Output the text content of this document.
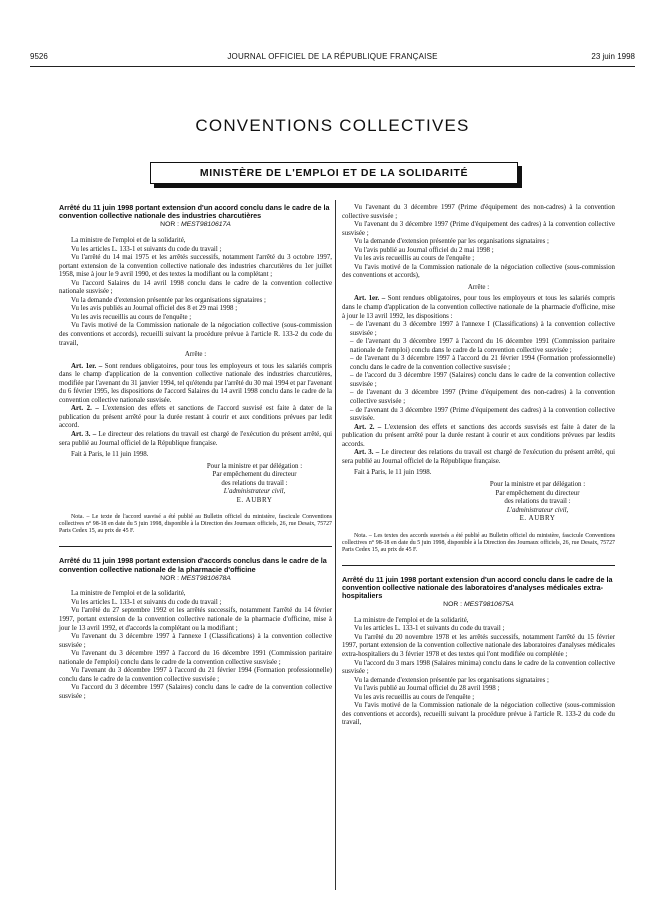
9526	JOURNAL OFFICIEL DE LA RÉPUBLIQUE FRANÇAISE	23 juin 1998
CONVENTIONS COLLECTIVES
MINISTÈRE DE L'EMPLOI ET DE LA SOLIDARITÉ
Arrêté du 11 juin 1998 portant extension d'un accord conclu dans le cadre de la convention collective nationale des industries charcutières
NOR : MEST9810617A

La ministre de l'emploi et de la solidarité,

Vu les articles L. 133-1 et suivants du code du travail ;

Vu l'arrêté du 14 mai 1975 et les arrêtés successifs, notamment l'arrêté du 3 octobre 1997, portant extension de la convention collective nationale des industries charcutières du 1er juillet 1958, mise à jour le 9 avril 1990, et des textes la modifiant ou la complétant ;

Vu l'accord Salaires du 14 avril 1998 conclu dans le cadre de la convention collective nationale susvisée ;

Vu la demande d'extension présentée par les organisations signataires ;

Vu les avis publiés au Journal officiel des 8 et 29 mai 1998 ;

Vu les avis recueillis au cours de l'enquête ;

Vu l'avis motivé de la Commission nationale de la négociation collective (sous-commission des conventions et accords), recueilli suivant la procédure prévue à l'article R. 133-2 du code du travail,

Arrête :

Art. 1er. – Sont rendues obligatoires, pour tous les employeurs et tous les salariés compris dans le champ d'application de la convention collective nationale des industries charcutières, modifiée par l'avenant du 31 janvier 1994, tel qu'étendu par l'arrêté du 30 mai 1994 et par l'avenant du 6 février 1995, les dispositions de l'accord Salaires du 14 avril 1998 conclu dans le cadre de la convention collective nationale susvisée.

Art. 2. – L'extension des effets et sanctions de l'accord susvisé est faite à dater de la publication du présent arrêté pour la durée restant à courir et aux conditions prévues par ledit accord.

Art. 3. – Le directeur des relations du travail est chargé de l'exécution du présent arrêté, qui sera publié au Journal officiel de la République française.

Fait à Paris, le 11 juin 1998.

Pour la ministre et par délégation :

Par empêchement du directeur

des relations du travail :

L'administrateur civil,

E. AUBRY

Nota. – Le texte de l'accord susvisé a été publié au Bulletin officiel du ministère, fascicule Conventions collectives n° 98-18 en date du 5 juin 1998, disponible à la Direction des Journaux officiels, 26, rue Desaix, 75727 Paris Cedex 15, au prix de 45 F.

Arrêté du 11 juin 1998 portant extension d'accords conclus dans le cadre de la convention collective nationale de la pharmacie d'officine
NOR : MEST9810678A

La ministre de l'emploi et de la solidarité,

Vu les articles L. 133-1 et suivants du code du travail ;

Vu l'arrêté du 27 septembre 1992 et les arrêtés successifs, notamment l'arrêté du 14 février 1997, portant extension de la convention collective nationale de la pharmacie d'officine, mise à jour le 13 avril 1992, et d'accords la complétant ou la modifiant ;

Vu l'avenant du 3 décembre 1997 à l'annexe I (Classifications) à la convention collective susvisée ;

Vu l'avenant du 3 décembre 1997 à l'accord du 16 décembre 1991 (Commission paritaire nationale de l'emploi) conclu dans le cadre de la convention collective susvisée ;

Vu l'avenant du 3 décembre 1997 à l'accord du 21 février 1994 (Formation professionnelle) conclu dans le cadre de la convention collective susvisée ;

Vu l'accord du 3 décembre 1997 (Salaires) conclu dans le cadre de la convention collective susvisée ;

Vu l'avenant du 3 décembre 1997 (Prime d'équipement des non-cadres) à la convention collective susvisée ;

Vu l'avenant du 3 décembre 1997 (Prime d'équipement des cadres) à la convention collective susvisée ;

Vu la demande d'extension présentée par les organisations signataires ;

Vu l'avis publié au Journal officiel du 2 mai 1998 ;

Vu les avis recueillis au cours de l'enquête ;

Vu l'avis motivé de la Commission nationale de la négociation collective (sous-commission des conventions et accords),

Arrête :

Art. 1er. – Sont rendues obligatoires, pour tous les employeurs et tous les salariés compris dans le champ d'application de la convention collective nationale de la pharmacie d'officine, mise à jour le 13 avril 1992, les dispositions :

– de l'avenant du 3 décembre 1997 à l'annexe I (Classifications) à la convention collective susvisée ;

– de l'avenant du 3 décembre 1997 à l'accord du 16 décembre 1991 (Commission paritaire nationale de l'emploi) conclu dans le cadre de la convention collective susvisée ;

– de l'avenant du 3 décembre 1997 à l'accord du 21 février 1994 (Formation professionnelle) conclu dans le cadre de la convention collective susvisée ;

– de l'accord du 3 décembre 1997 (Salaires) conclu dans le cadre de la convention collective susvisée ;

– de l'avenant du 3 décembre 1997 (Prime d'équipement des non-cadres) à la convention collective susvisée ;

– de l'avenant du 3 décembre 1997 (Prime d'équipement des cadres) à la convention collective susvisée.

Art. 2. – L'extension des effets et sanctions des accords susvisés est faite à dater de la publication du présent arrêté pour la durée restant à courir et aux conditions prévues par lesdits accords.

Art. 3. – Le directeur des relations du travail est chargé de l'exécution du présent arrêté, qui sera publié au Journal officiel de la République française.

Fait à Paris, le 11 juin 1998.

Pour la ministre et par délégation :

Par empêchement du directeur

des relations du travail :

L'administrateur civil,

E. AUBRY

Nota. – Les textes des accords susvisés a été publié au Bulletin officiel du ministère, fascicule Conventions collectives n° 98-18 en date du 5 juin 1998, disponible à la Direction des Journaux officiels, 26, rue Desaix, 75727 Paris Cedex 15, au prix de 45 F.

Arrêté du 11 juin 1998 portant extension d'un accord conclu dans le cadre de la convention collective nationale des laboratoires d'analyses médicales extra-hospitaliers
NOR : MEST9810675A

La ministre de l'emploi et de la solidarité,

Vu les articles L. 133-1 et suivants du code du travail ;

Vu l'arrêté du 20 novembre 1978 et les arrêtés successifs, notamment l'arrêté du 15 février 1997, portant extension de la convention collective nationale des laboratoires d'analyses médicales extra-hospitaliers du 3 février 1978 et des textes qui l'ont modifiée ou complétée ;

Vu l'accord du 3 mars 1998 (Salaires minima) conclu dans le cadre de la convention collective susvisée ;

Vu la demande d'extension présentée par les organisations signataires ;

Vu l'avis publié au Journal officiel du 28 avril 1998 ;

Vu les avis recueillis au cours de l'enquête ;

Vu l'avis motivé de la Commission nationale de la négociation collective (sous-commission des conventions et accords), recueilli suivant la procédure prévue à l'article R. 133-2 du code du travail,
